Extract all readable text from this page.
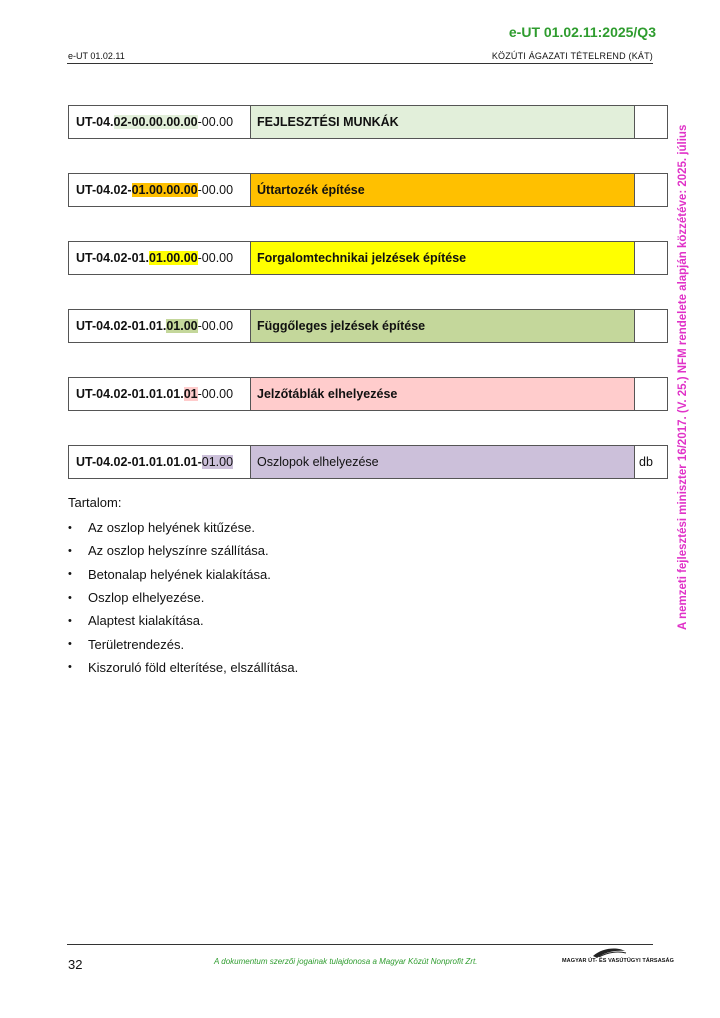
e-UT 01.02.11:2025/Q3
e-UT 01.02.11	KÖZÚTI ÁGAZATI TÉTELREND (KÁT)
UT-04. 02-00.00.00.00 -00.00	FEJLESZTÉSI MUNKÁK
UT-04.02- 01.00.00.00 -00.00	Úttartozék építése
UT-04.02-01. 01.00.00 -00.00	Forgalomtechnikai jelzések építése
UT-04.02-01.01. 01.00 -00.00	Függőleges jelzések építése
UT-04.02-01.01.01. 01 -00.00	Jelzőtáblák elhelyezése
UT-04.02-01.01.01.01- 01.00	Oszlopok elhelyezése	db
Tartalom:
•	Az oszlop helyének kitűzése.
•	Az oszlop helyszínre szállítása.
•	Betonalap helyének kialakítása.
•	Oszlop elhelyezése.
•	Alaptest kialakítása.
•	Területrendezés.
•	Kiszoruló föld elterítése, elszállítása.
A nemzeti fejlesztési miniszter 16/2017. (V. 25.) NFM rendelete alapján közzétéve: 2025. július
32	A dokumentum szerzői jogainak tulajdonosa a Magyar Közút Nonprofit Zrt.	MAGYAR ÚT- ÉS VASÚTÜGYI TÁRSASÁG
